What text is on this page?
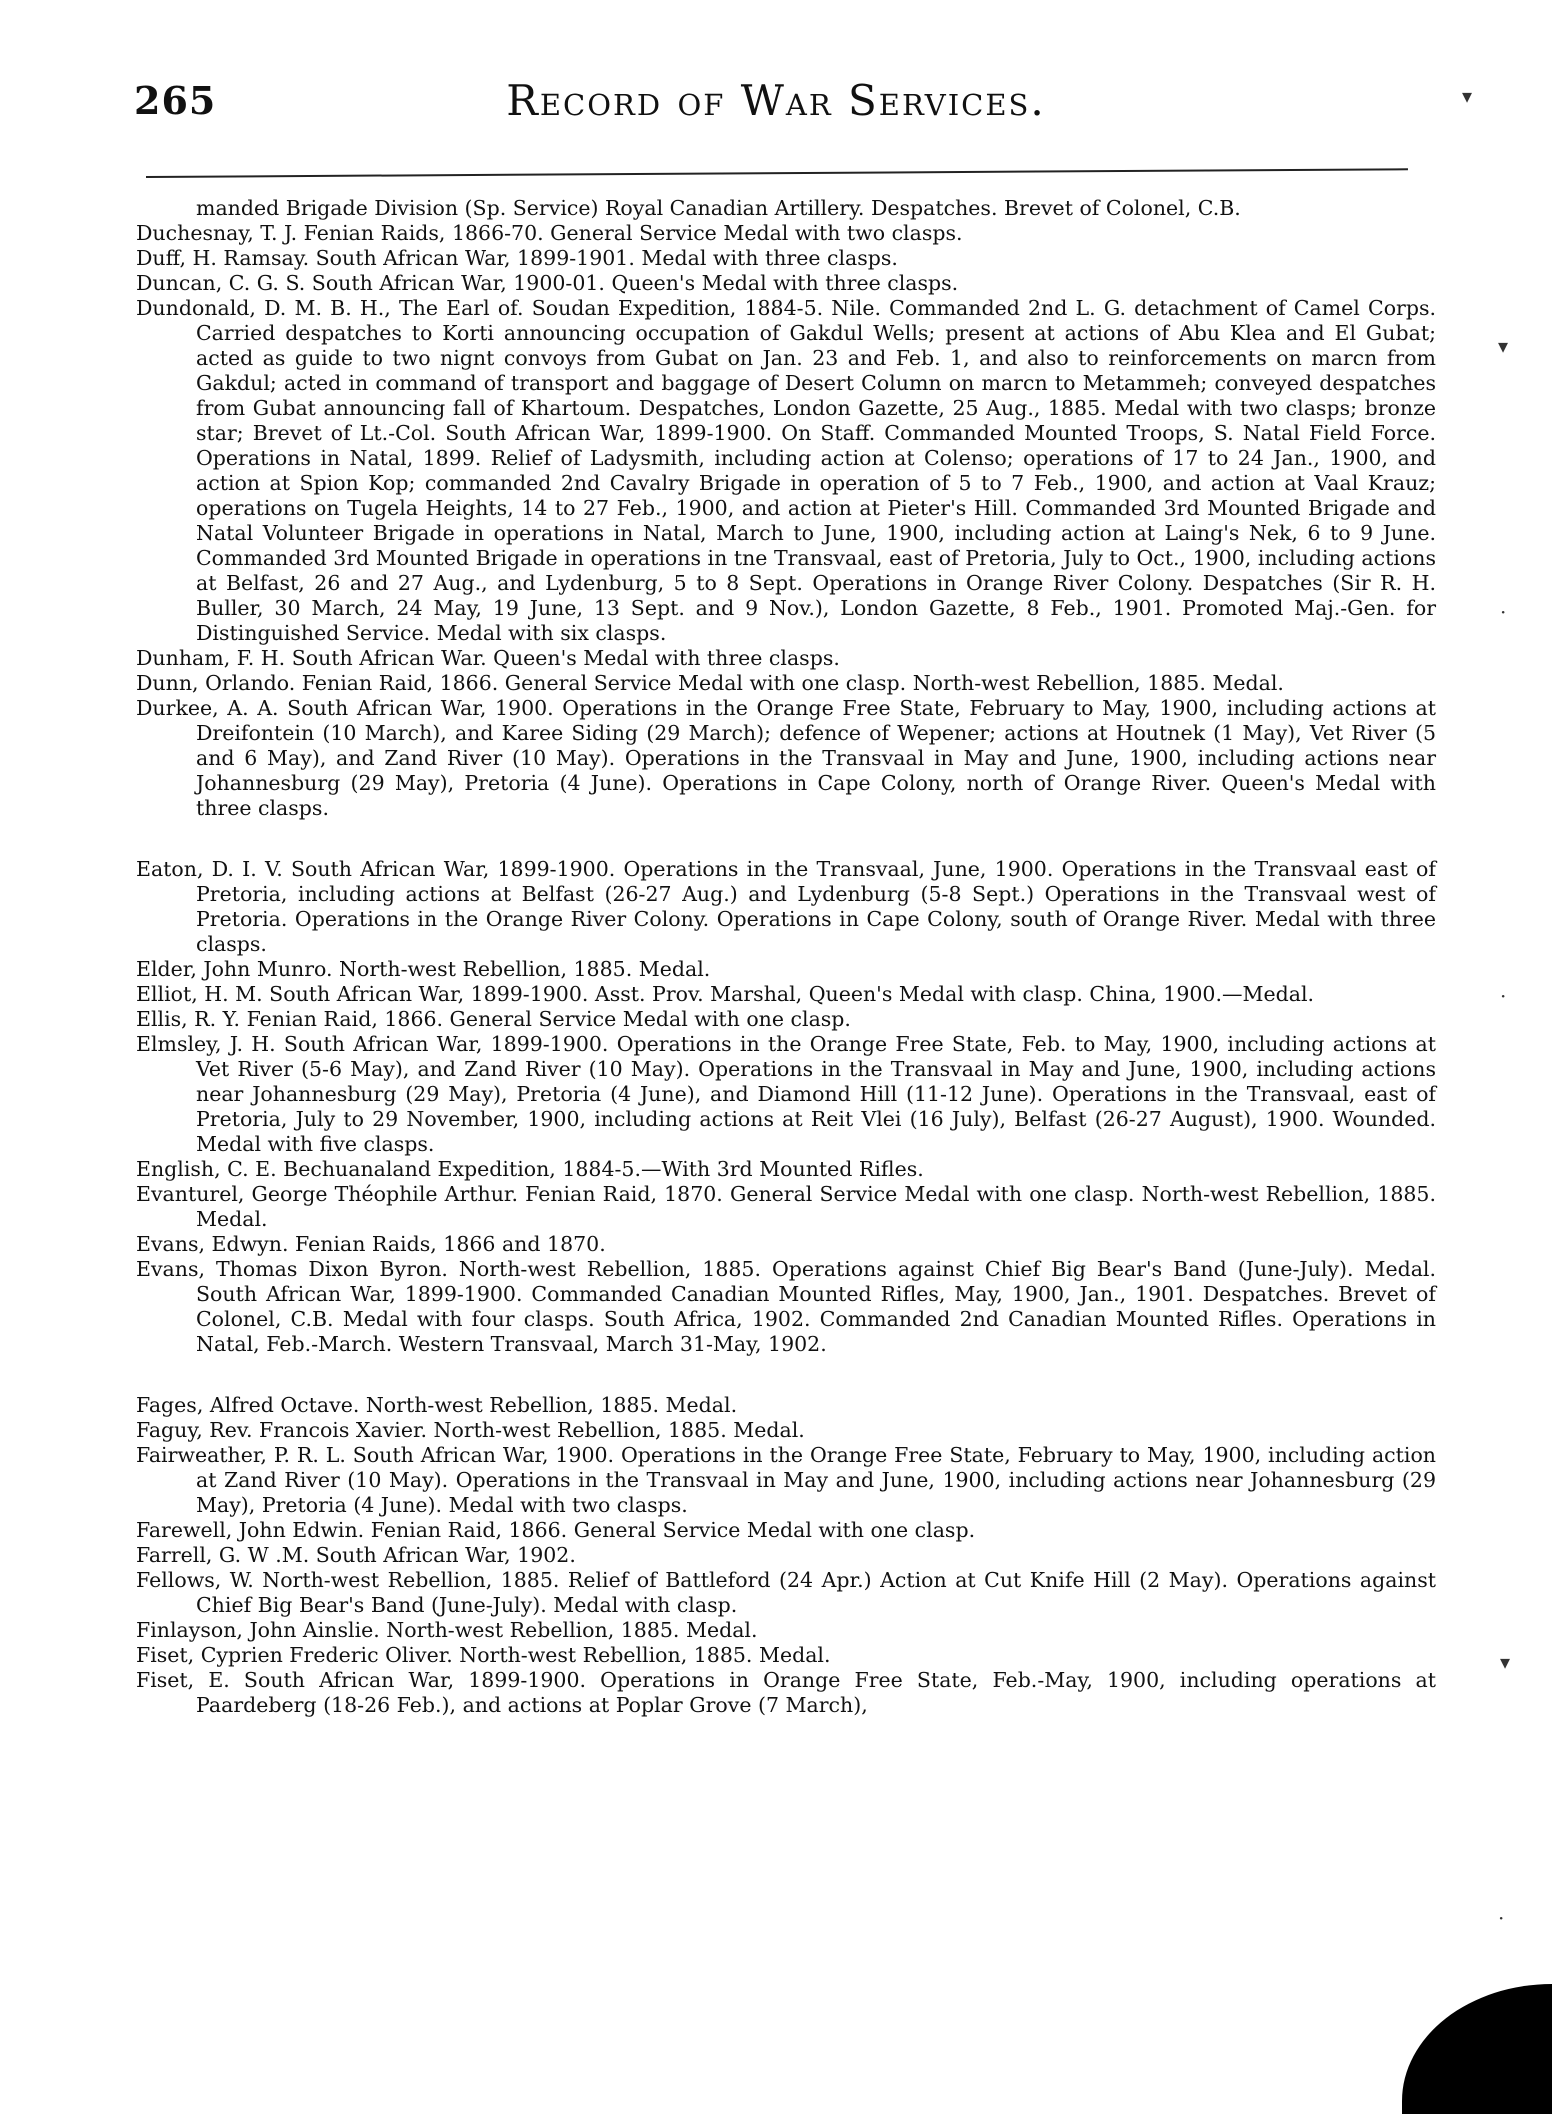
265	Record of War Services.

manded Brigade Division (Sp. Service) Royal Canadian Artillery. Despatches. Brevet of Colonel, C.B.

Duchesnay, T. J. Fenian Raids, 1866-70. General Service Medal with two clasps.

Duff, H. Ramsay. South African War, 1899-1901. Medal with three clasps.

Duncan, C. G. S. South African War, 1900-01. Queen's Medal with three clasps.

Dundonald, D. M. B. H., The Earl of. Soudan Expedition, 1884-5. Nile. Commanded 2nd L. G. detachment of Camel Corps. Carried despatches to Korti announcing occupation of Gakdul Wells; present at actions of Abu Klea and El Gubat; acted as guide to two nignt convoys from Gubat on Jan. 23 and Feb. 1, and also to reinforcements on marcn from Gakdul; acted in command of transport and baggage of Desert Column on marcn to Metammeh; conveyed despatches from Gubat announcing fall of Khartoum. Despatches, London Gazette, 25 Aug., 1885. Medal with two clasps; bronze star; Brevet of Lt.-Col. South African War, 1899-1900. On Staff. Commanded Mounted Troops, S. Natal Field Force. Operations in Natal, 1899. Relief of Ladysmith, including action at Colenso; operations of 17 to 24 Jan., 1900, and action at Spion Kop; commanded 2nd Cavalry Brigade in operation of 5 to 7 Feb., 1900, and action at Vaal Krauz; operations on Tugela Heights, 14 to 27 Feb., 1900, and action at Pieter's Hill. Commanded 3rd Mounted Brigade and Natal Volunteer Brigade in operations in Natal, March to June, 1900, including action at Laing's Nek, 6 to 9 June. Commanded 3rd Mounted Brigade in operations in tne Transvaal, east of Pretoria, July to Oct., 1900, including actions at Belfast, 26 and 27 Aug., and Lydenburg, 5 to 8 Sept. Operations in Orange River Colony. Despatches (Sir R. H. Buller, 30 March, 24 May, 19 June, 13 Sept. and 9 Nov.), London Gazette, 8 Feb., 1901. Promoted Maj.-Gen. for Distinguished Service. Medal with six clasps.

Dunham, F. H. South African War. Queen's Medal with three clasps.

Dunn, Orlando. Fenian Raid, 1866. General Service Medal with one clasp. North-west Rebellion, 1885. Medal.

Durkee, A. A. South African War, 1900. Operations in the Orange Free State, February to May, 1900, including actions at Dreifontein (10 March), and Karee Siding (29 March); defence of Wepener; actions at Houtnek (1 May), Vet River (5 and 6 May), and Zand River (10 May). Operations in the Transvaal in May and June, 1900, including actions near Johannesburg (29 May), Pretoria (4 June). Operations in Cape Colony, north of Orange River. Queen's Medal with three clasps.

Eaton, D. I. V. South African War, 1899-1900. Operations in the Transvaal, June, 1900. Operations in the Transvaal east of Pretoria, including actions at Belfast (26-27 Aug.) and Lydenburg (5-8 Sept.) Operations in the Transvaal west of Pretoria. Operations in the Orange River Colony. Operations in Cape Colony, south of Orange River. Medal with three clasps.

Elder, John Munro. North-west Rebellion, 1885. Medal.

Elliot, H. M. South African War, 1899-1900. Asst. Prov. Marshal, Queen's Medal with clasp. China, 1900.—Medal.

Ellis, R. Y. Fenian Raid, 1866. General Service Medal with one clasp.

Elmsley, J. H. South African War, 1899-1900. Operations in the Orange Free State, Feb. to May, 1900, including actions at Vet River (5-6 May), and Zand River (10 May). Operations in the Transvaal in May and June, 1900, including actions near Johannesburg (29 May), Pretoria (4 June), and Diamond Hill (11-12 June). Operations in the Transvaal, east of Pretoria, July to 29 November, 1900, including actions at Reit Vlei (16 July), Belfast (26-27 August), 1900. Wounded. Medal with five clasps.

English, C. E. Bechuanaland Expedition, 1884-5.—With 3rd Mounted Rifles.

Evanturel, George Théophile Arthur. Fenian Raid, 1870. General Service Medal with one clasp. North-west Rebellion, 1885. Medal.

Evans, Edwyn. Fenian Raids, 1866 and 1870.

Evans, Thomas Dixon Byron. North-west Rebellion, 1885. Operations against Chief Big Bear's Band (June-July). Medal. South African War, 1899-1900. Commanded Canadian Mounted Rifles, May, 1900, Jan., 1901. Despatches. Brevet of Colonel, C.B. Medal with four clasps. South Africa, 1902. Commanded 2nd Canadian Mounted Rifles. Operations in Natal, Feb.-March. Western Transvaal, March 31-May, 1902.

Fages, Alfred Octave. North-west Rebellion, 1885. Medal.

Faguy, Rev. Francois Xavier. North-west Rebellion, 1885. Medal.

Fairweather, P. R. L. South African War, 1900. Operations in the Orange Free State, February to May, 1900, including action at Zand River (10 May). Operations in the Transvaal in May and June, 1900, including actions near Johannesburg (29 May), Pretoria (4 June). Medal with two clasps.

Farewell, John Edwin. Fenian Raid, 1866. General Service Medal with one clasp.

Farrell, G. W .M. South African War, 1902.

Fellows, W. North-west Rebellion, 1885. Relief of Battleford (24 Apr.) Action at Cut Knife Hill (2 May). Operations against Chief Big Bear's Band (June-July). Medal with clasp.

Finlayson, John Ainslie. North-west Rebellion, 1885. Medal.

Fiset, Cyprien Frederic Oliver. North-west Rebellion, 1885. Medal.

Fiset, E. South African War, 1899-1900. Operations in Orange Free State, Feb.-May, 1900, including operations at Paardeberg (18-26 Feb.), and actions at Poplar Grove (7 March),

▾
▾
·
·
▾
·
